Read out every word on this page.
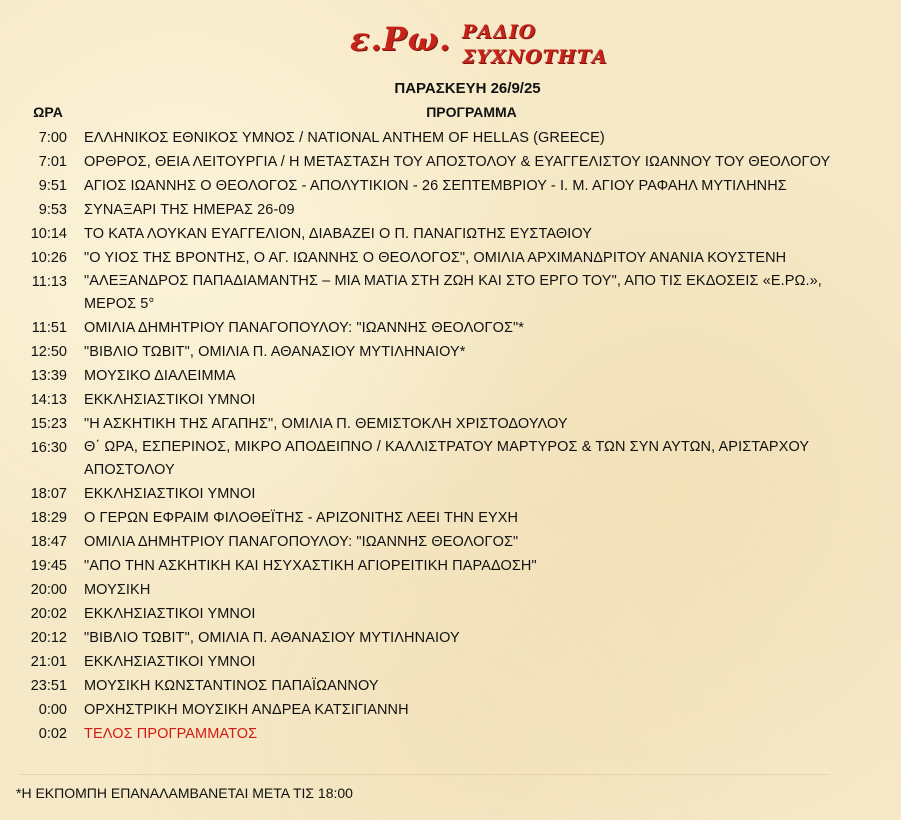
ε.Ρω. ΡΑΔΙΟ
ΣΥΧΝΟΤΗΤΑ
ΠΑΡΑΣΚΕΥΗ 26/9/25
ΩΡΑ	ΠΡΟΓΡΑΜΜΑ
7:00 ΕΛΛΗΝΙΚΟΣ ΕΘΝΙΚΟΣ ΥΜΝΟΣ / NATIONAL ANTHEM OF HELLAS (GREECE)
7:01 ΟΡΘΡΟΣ, ΘΕΙΑ ΛΕΙΤΟΥΡΓΙΑ / Η ΜΕΤΑΣΤΑΣΗ ΤΟΥ ΑΠΟΣΤΟΛΟΥ & ΕΥΑΓΓΕΛΙΣΤΟΥ ΙΩΑΝΝΟΥ ΤΟΥ ΘΕΟΛΟΓΟΥ
9:51 ΑΓΙΟΣ ΙΩΑΝΝΗΣ Ο ΘΕΟΛΟΓΟΣ - ΑΠΟΛΥΤΙΚΙΟΝ - 26 ΣΕΠΤΕΜΒΡΙΟΥ - Ι. Μ. ΑΓΙΟΥ ΡΑΦΑΗΛ ΜΥΤΙΛΗΝΗΣ
9:53 ΣΥΝΑΞΑΡΙ ΤΗΣ ΗΜΕΡΑΣ 26-09
10:14 ΤΟ ΚΑΤΑ ΛΟΥΚΑΝ ΕΥΑΓΓΕΛΙΟΝ, ΔΙΑΒΑΖΕΙ Ο Π. ΠΑΝΑΓΙΩΤΗΣ ΕΥΣΤΑΘΙΟΥ
10:26 "Ο ΥΙΟΣ ΤΗΣ ΒΡΟΝΤΗΣ, Ο ΑΓ. ΙΩΑΝΝΗΣ Ο ΘΕΟΛΟΓΟΣ", ΟΜΙΛΙΑ ΑΡΧΙΜΑΝΔΡΙΤΟΥ ΑΝΑΝΙΑ ΚΟΥΣΤΕΝΗ
11:13 "ΑΛΕΞΑΝΔΡΟΣ ΠΑΠΑΔΙΑΜΑΝΤΗΣ – ΜΙΑ ΜΑΤΙΑ ΣΤΗ ΖΩΗ ΚΑΙ ΣΤΟ ΕΡΓΟ ΤΟΥ", ΑΠΟ ΤΙΣ ΕΚΔΟΣΕΙΣ «Ε.ΡΩ.», ΜΕΡΟΣ 5°
11:51 ΟΜΙΛΙΑ ΔΗΜΗΤΡΙΟΥ ΠΑΝΑΓΟΠΟΥΛΟΥ: "ΙΩΑΝΝΗΣ ΘΕΟΛΟΓΟΣ"*
12:50 "ΒΙΒΛΙΟ ΤΩΒΙΤ", ΟΜΙΛΙΑ Π. ΑΘΑΝΑΣΙΟΥ ΜΥΤΙΛΗΝΑΙΟΥ*
13:39 ΜΟΥΣΙΚΟ ΔΙΑΛΕΙΜΜΑ
14:13 ΕΚΚΛΗΣΙΑΣΤΙΚΟΙ ΥΜΝΟΙ
15:23 "Η ΑΣΚΗΤΙΚΗ ΤΗΣ ΑΓΑΠΗΣ", ΟΜΙΛΙΑ Π. ΘΕΜΙΣΤΟΚΛΗ ΧΡΙΣΤΟΔΟΥΛΟΥ
16:30 Θ΄ ΩΡΑ, ΕΣΠΕΡΙΝΟΣ, ΜΙΚΡΟ ΑΠΟΔΕΙΠΝΟ / ΚΑΛΛΙΣΤΡΑΤΟΥ ΜΑΡΤΥΡΟΣ & ΤΩΝ ΣΥΝ ΑΥΤΩΝ, ΑΡΙΣΤΑΡΧΟΥ ΑΠΟΣΤΟΛΟΥ
18:07 ΕΚΚΛΗΣΙΑΣΤΙΚΟΙ ΥΜΝΟΙ
18:29 Ο ΓΕΡΩΝ ΕΦΡΑΙΜ ΦΙΛΟΘΕΪΤΗΣ - ΑΡΙΖΟΝΙΤΗΣ ΛΕΕΙ ΤΗΝ ΕΥΧΗ
18:47 ΟΜΙΛΙΑ ΔΗΜΗΤΡΙΟΥ ΠΑΝΑΓΟΠΟΥΛΟΥ: "ΙΩΑΝΝΗΣ ΘΕΟΛΟΓΟΣ"
19:45 "ΑΠΟ ΤΗΝ ΑΣΚΗΤΙΚΗ ΚΑΙ ΗΣΥΧΑΣΤΙΚΗ ΑΓΙΟΡΕΙΤΙΚΗ ΠΑΡΑΔΟΣΗ"
20:00 ΜΟΥΣΙΚΗ
20:02 ΕΚΚΛΗΣΙΑΣΤΙΚΟΙ ΥΜΝΟΙ
20:12 "ΒΙΒΛΙΟ ΤΩΒΙΤ", ΟΜΙΛΙΑ Π. ΑΘΑΝΑΣΙΟΥ ΜΥΤΙΛΗΝΑΙΟΥ
21:01 ΕΚΚΛΗΣΙΑΣΤΙΚΟΙ ΥΜΝΟΙ
23:51 ΜΟΥΣΙΚΗ ΚΩΝΣΤΑΝΤΙΝΟΣ ΠΑΠΑΪΩΑΝΝΟΥ
0:00 ΟΡΧΗΣΤΡΙΚΗ ΜΟΥΣΙΚΗ ΑΝΔΡΕΑ ΚΑΤΣΙΓΙΑΝΝΗ
0:02 ΤΕΛΟΣ ΠΡΟΓΡΑΜΜΑΤΟΣ
*Η ΕΚΠΟΜΠΗ ΕΠΑΝΑΛΑΜΒΑΝΕΤΑΙ ΜΕΤΑ ΤΙΣ 18:00
